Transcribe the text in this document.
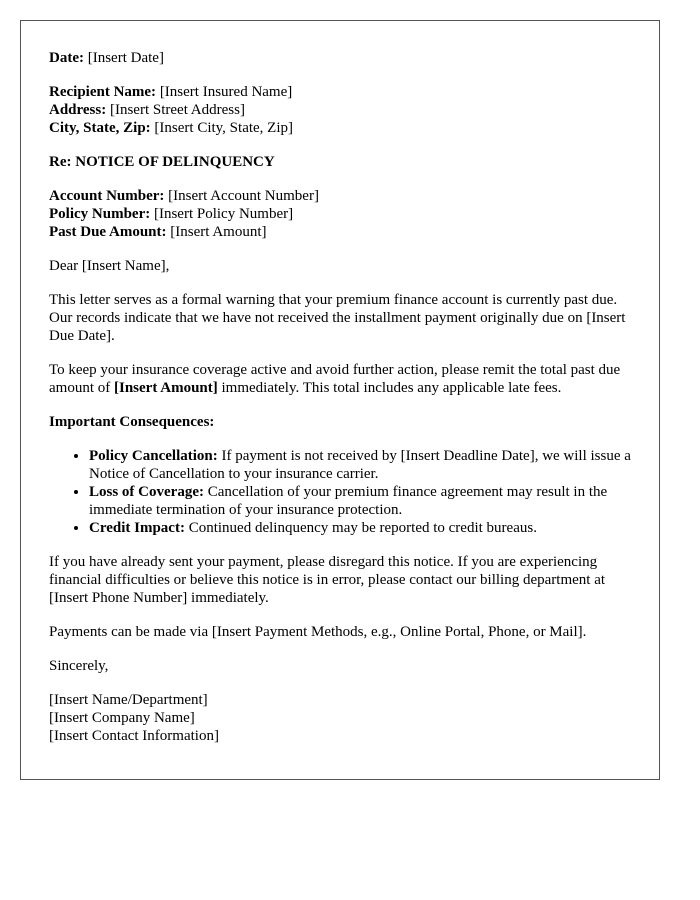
Date: [Insert Date]
Recipient Name: [Insert Insured Name]
Address: [Insert Street Address]
City, State, Zip: [Insert City, State, Zip]
Re: NOTICE OF DELINQUENCY
Account Number: [Insert Account Number]
Policy Number: [Insert Policy Number]
Past Due Amount: [Insert Amount]

Dear [Insert Name],

This letter serves as a formal warning that your premium finance account is currently past due. Our records indicate that we have not received the installment payment originally due on [Insert Due Date].

To keep your insurance coverage active and avoid further action, please remit the total past due amount of [Insert Amount] immediately. This total includes any applicable late fees.

Important Consequences:
• Policy Cancellation: If payment is not received by [Insert Deadline Date], we will issue a Notice of Cancellation to your insurance carrier.
• Loss of Coverage: Cancellation of your premium finance agreement may result in the immediate termination of your insurance protection.
• Credit Impact: Continued delinquency may be reported to credit bureaus.

If you have already sent your payment, please disregard this notice. If you are experiencing financial difficulties or believe this notice is in error, please contact our billing department at [Insert Phone Number] immediately.

Payments can be made via [Insert Payment Methods, e.g., Online Portal, Phone, or Mail].

Sincerely,

[Insert Name/Department]
[Insert Company Name]
[Insert Contact Information]
